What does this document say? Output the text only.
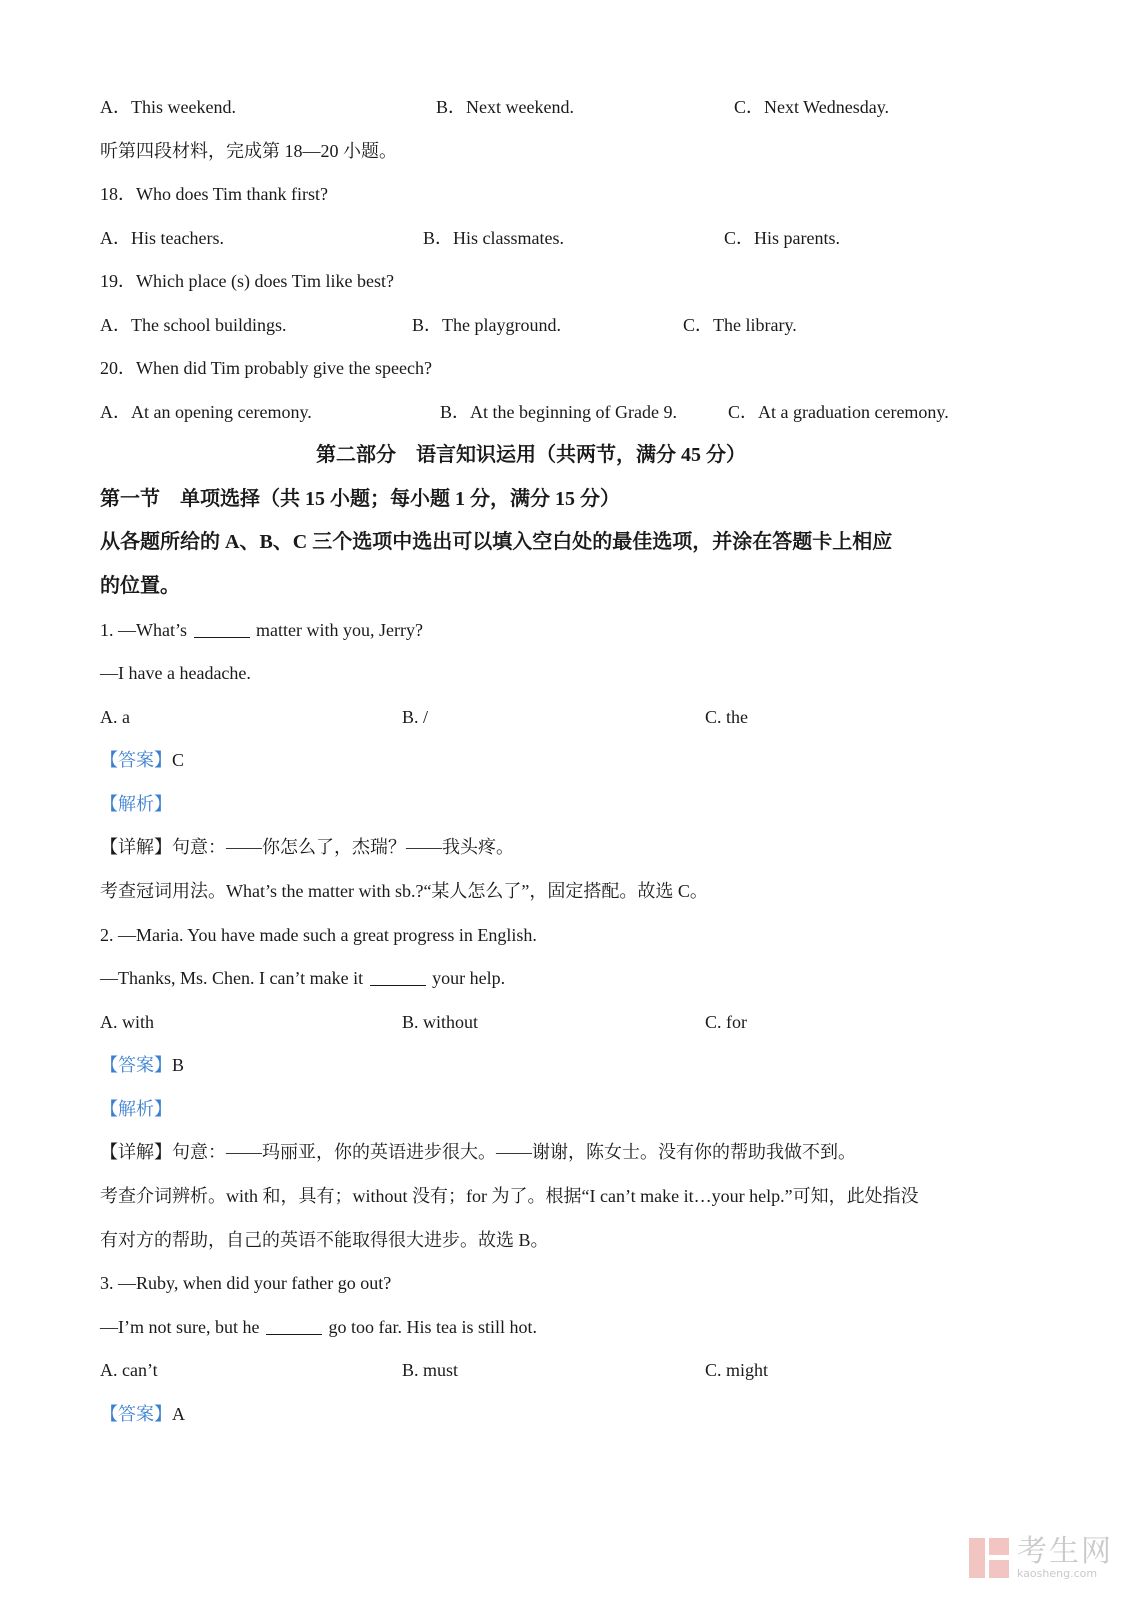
A．This weekend.	B．Next weekend.	C．Next Wednesday.
听第四段材料，完成第 18—20 小题。
18．Who does Tim thank first?
A．His teachers.	B．His classmates.	C．His parents.
19．Which place (s) does Tim like best?
A．The school buildings.	B．The playground.	C．The library.
20．When did Tim probably give the speech?
A．At an opening ceremony.	B．At the beginning of Grade 9.	C．At a graduation ceremony.
第二部分　语言知识运用（共两节，满分 45 分）
第一节　单项选择（共 15 小题；每小题 1 分，满分 15 分）
从各题所给的 A、B、C 三个选项中选出可以填入空白处的最佳选项，并涂在答题卡上相应
的位置。
1. —What’s	matter with you, Jerry?
—I have a headache.
A. a	B. /	C. the
【答案】C
【解析】
【详解】句意：——你怎么了，杰瑞？——我头疼。
考查冠词用法。What’s the matter with sb.?“某人怎么了”，固定搭配。故选 C。
2. —Maria. You have made such a great progress in English.
—Thanks, Ms. Chen. I can’t make it	your help.
A. with	B. without	C. for
【答案】B
【解析】
【详解】句意：——玛丽亚，你的英语进步很大。——谢谢，陈女士。没有你的帮助我做不到。
考查介词辨析。with 和，具有；without 没有；for 为了。根据“I can’t make it…your help.”可知，此处指没
有对方的帮助，自己的英语不能取得很大进步。故选 B。
3. —Ruby, when did your father go out?
—I’m not sure, but he	go too far. His tea is still hot.
A. can’t	B. must	C. might
【答案】A
考生网
kaosheng.com
